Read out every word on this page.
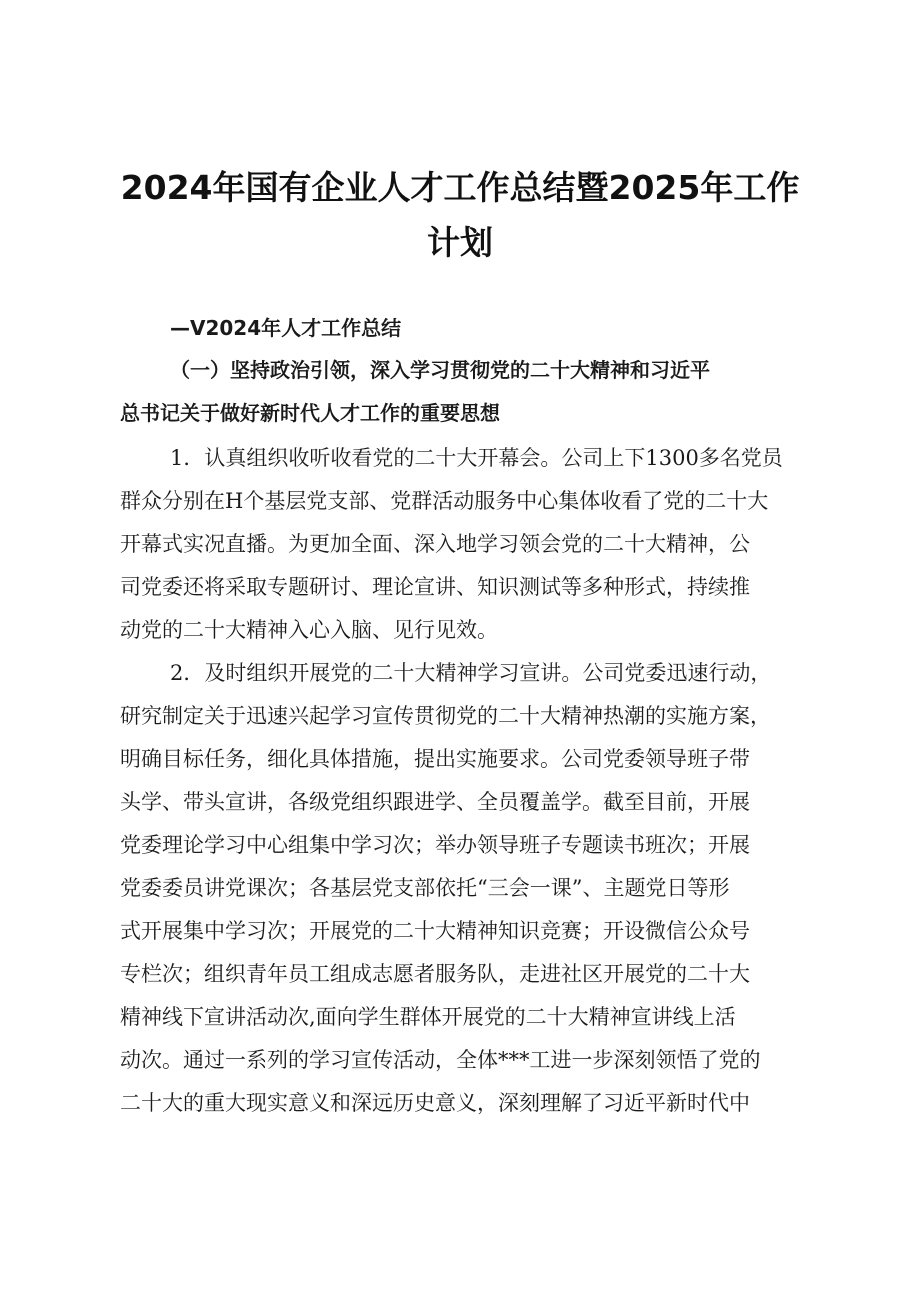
2024年国有企业人才工作总结暨2025年工作
计划

—V2024年人才工作总结

（一）坚持政治引领，深入学习贯彻党的二十大精神和习近平

总书记关于做好新时代人才工作的重要思想

1．认真组织收听收看党的二十大开幕会。公司上下1300多名党员

群众分别在H个基层党支部、党群活动服务中心集体收看了党的二十大

开幕式实况直播。为更加全面、深入地学习领会党的二十大精神，公

司党委还将采取专题研讨、理论宣讲、知识测试等多种形式，持续推

动党的二十大精神入心入脑、见行见效。

2．及时组织开展党的二十大精神学习宣讲。公司党委迅速行动，

研究制定关于迅速兴起学习宣传贯彻党的二十大精神热潮的实施方案，

明确目标任务，细化具体措施，提出实施要求。公司党委领导班子带

头学、带头宣讲，各级党组织跟进学、全员覆盖学。截至目前，开展

党委理论学习中心组集中学习次；举办领导班子专题读书班次；开展

党委委员讲党课次；各基层党支部依托“三会一课”、主题党日等形

式开展集中学习次；开展党的二十大精神知识竞赛；开设微信公众号

专栏次；组织青年员工组成志愿者服务队，走进社区开展党的二十大

精神线下宣讲活动次,面向学生群体开展党的二十大精神宣讲线上活

动次。通过一系列的学习宣传活动，全体***工进一步深刻领悟了党的

二十大的重大现实意义和深远历史意义，深刻理解了习近平新时代中
